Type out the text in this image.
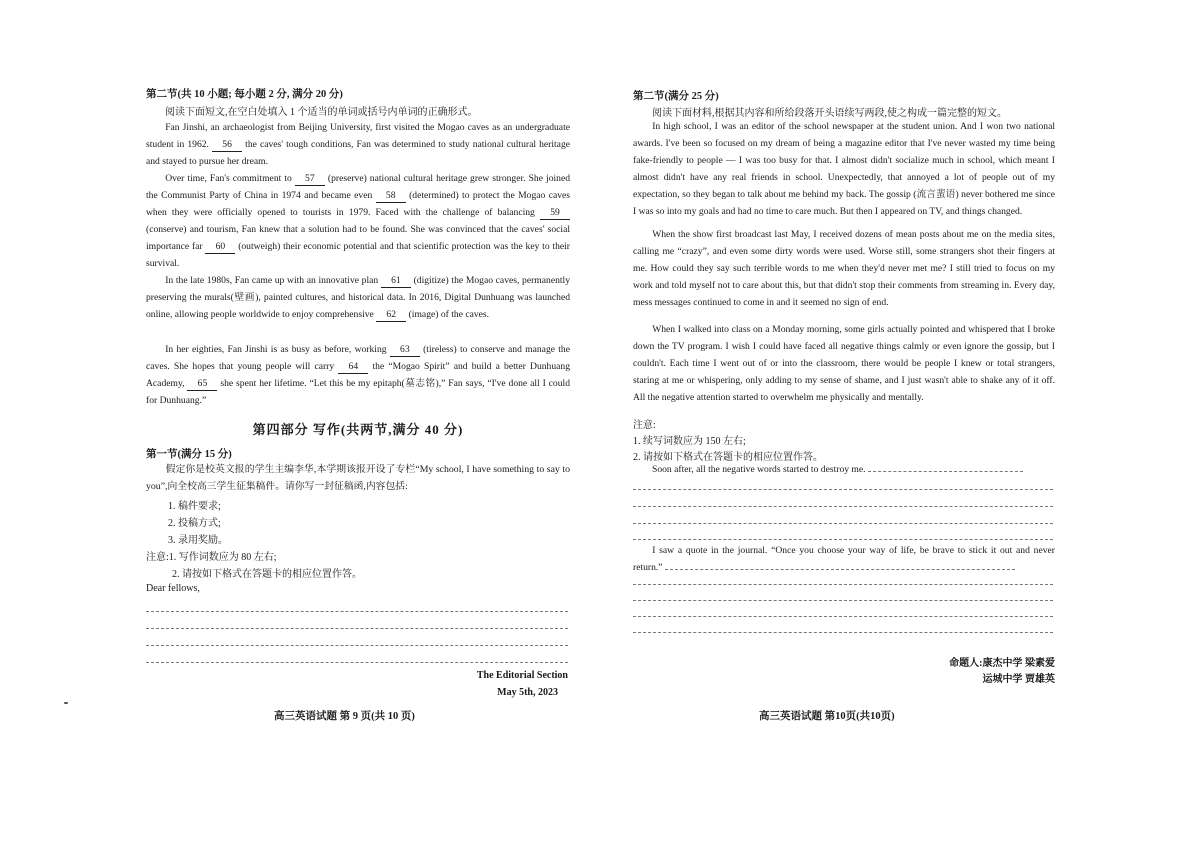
第二节(共 10 小题; 每小题 2 分, 满分 20 分)
阅读下面短文,在空白处填入 1 个适当的单词或括号内单词的正确形式。

Fan Jinshi, an archaeologist from Beijing University, first visited the Mogao caves as an undergraduate student in 1962. 56 the caves' tough conditions, Fan was determined to study national cultural heritage and stayed to pursue her dream.

Over time, Fan's commitment to 57 (preserve) national cultural heritage grew stronger. She joined the Communist Party of China in 1974 and became even 58 (determined) to protect the Mogao caves when they were officially opened to tourists in 1979. Faced with the challenge of balancing 59 (conserve) and tourism, Fan knew that a solution had to be found. She was convinced that the caves' social importance far 60 (outweigh) their economic potential and that scientific protection was the key to their survival.

In the late 1980s, Fan came up with an innovative plan 61 (digitize) the Mogao caves, permanently preserving the murals(壁画), painted cultures, and historical data. In 2016, Digital Dunhuang was launched online, allowing people worldwide to enjoy comprehensive 62 (image) of the caves.

In her eighties, Fan Jinshi is as busy as before, working 63 (tireless) to conserve and manage the caves. She hopes that young people will carry 64 the “Mogao Spirit” and build a better Dunhuang Academy, 65 she spent her lifetime. “Let this be my epitaph(墓志铭),” Fan says, “I've done all I could for Dunhuang.”

第四部分 写作(共两节,满分 40 分)
第一节(满分 15 分)

假定你是校英文报的学生主编李华,本学期该报开设了专栏“My school, I have something to say to you”,向全校高三学生征集稿件。请你写一封征稿函,内容包括:

1. 稿件要求;
2. 投稿方式;
3. 录用奖励。
注意:1. 写作词数应为 80 左右;
2. 请按如下格式在答题卡的相应位置作答。
Dear fellows,
The Editorial Section
May 5th, 2023
高三英语试题 第 9 页(共 10 页)
第二节(满分 25 分)
阅读下面材料,根据其内容和所给段落开头语续写两段,使之构成一篇完整的短文。

In high school, I was an editor of the school newspaper at the student union. And I won two national awards. I've been so focused on my dream of being a magazine editor that I've never wasted my time being fake-friendly to people — I was too busy for that. I almost didn't socialize much in school, which meant I almost didn't have any real friends in school. Unexpectedly, that annoyed a lot of people out of my expectation, so they began to talk about me behind my back. The gossip (流言蜚语) never bothered me since I was so into my goals and had no time to care much. But then I appeared on TV, and things changed.

When the show first broadcast last May, I received dozens of mean posts about me on the media sites, calling me “crazy”, and even some dirty words were used. Worse still, some strangers shot their fingers at me. How could they say such terrible words to me when they'd never met me? I still tried to focus on my work and told myself not to care about this, but that didn't stop their comments from streaming in. Every day, mess messages continued to come in and it seemed no sign of end.

When I walked into class on a Monday morning, some girls actually pointed and whispered that I broke down the TV program. I wish I could have faced all negative things calmly or even ignore the gossip, but I couldn't. Each time I went out of or into the classroom, there would be people I knew or total strangers, staring at me or whispering, only adding to my sense of shame, and I just wasn't able to shake any of it off. All the negative attention started to overwhelm me physically and mentally.

注意:
1. 续写词数应为 150 左右;
2. 请按如下格式在答题卡的相应位置作答。
Soon after, all the negative words started to destroy me.

I saw a quote in the journal. “Once you choose your way of life, be brave to stick it out and never return.”

命题人:康杰中学 梁素爱
运城中学 贾雄英
高三英语试题 第10页(共10页)
